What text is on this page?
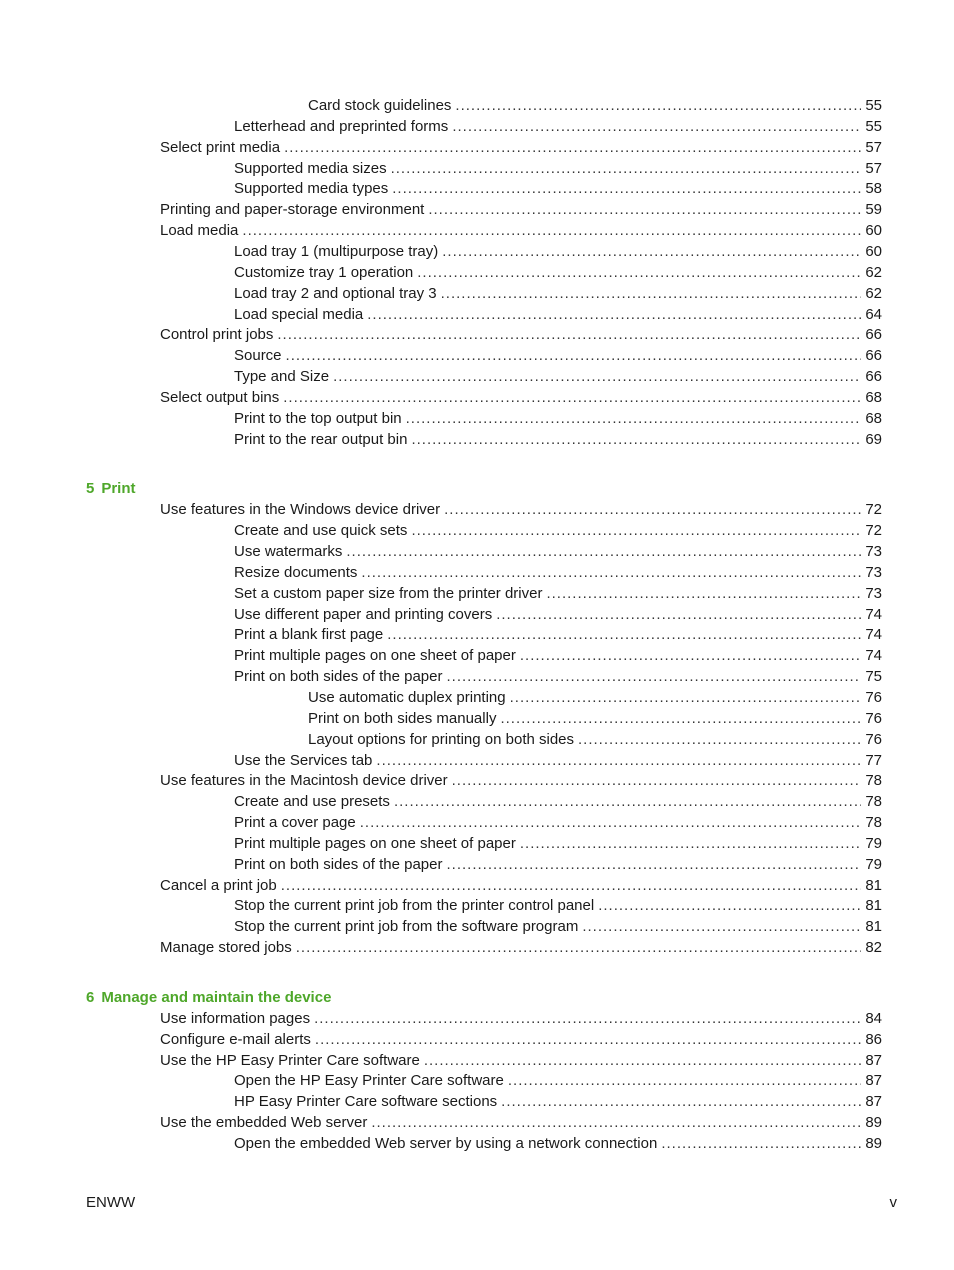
Card stock guidelines .....	55
Letterhead and preprinted forms .....	55
Select print media .....	57
Supported media sizes .....	57
Supported media types .....	58
Printing and paper-storage environment .....	59
Load media .....	60
Load tray 1 (multipurpose tray) .....	60
Customize tray 1 operation .....	62
Load tray 2 and optional tray 3 .....	62
Load special media .....	64
Control print jobs .....	66
Source .....	66
Type and Size .....	66
Select output bins .....	68
Print to the top output bin .....	68
Print to the rear output bin .....	69
5 Print
Use features in the Windows device driver .....	72
Create and use quick sets .....	72
Use watermarks .....	73
Resize documents .....	73
Set a custom paper size from the printer driver .....	73
Use different paper and printing covers .....	74
Print a blank first page .....	74
Print multiple pages on one sheet of paper .....	74
Print on both sides of the paper .....	75
Use automatic duplex printing .....	76
Print on both sides manually .....	76
Layout options for printing on both sides .....	76
Use the Services tab .....	77
Use features in the Macintosh device driver .....	78
Create and use presets .....	78
Print a cover page .....	78
Print multiple pages on one sheet of paper .....	79
Print on both sides of the paper .....	79
Cancel a print job .....	81
Stop the current print job from the printer control panel .....	81
Stop the current print job from the software program .....	81
Manage stored jobs .....	82
6 Manage and maintain the device
Use information pages .....	84
Configure e-mail alerts .....	86
Use the HP Easy Printer Care software .....	87
Open the HP Easy Printer Care software .....	87
HP Easy Printer Care software sections .....	87
Use the embedded Web server .....	89
Open the embedded Web server by using a network connection .....	89
ENWW	v
